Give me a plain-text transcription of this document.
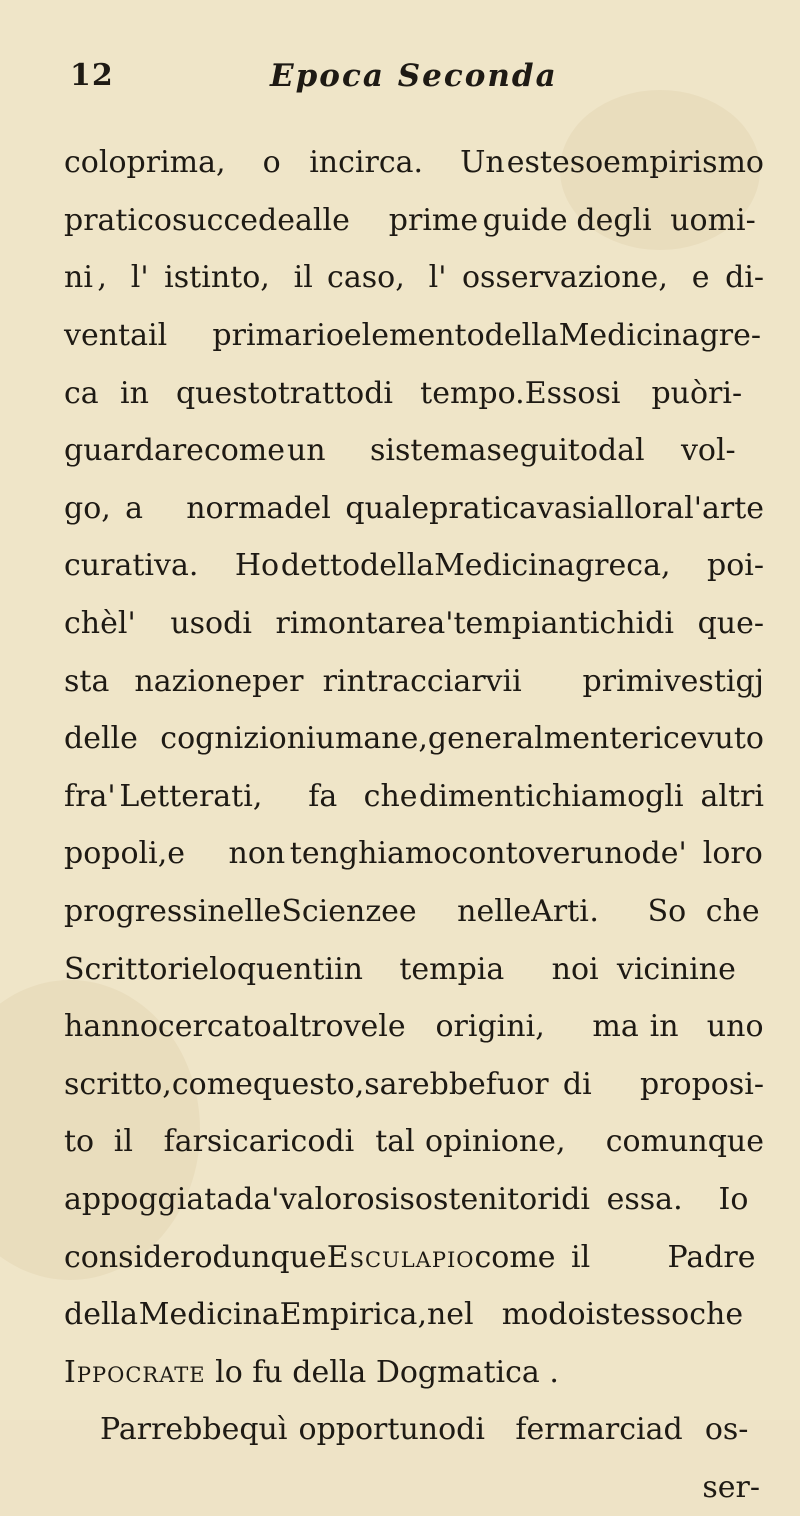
12	Epoca Seconda
colo prima ,	o incirca .	Un esteso empirismo
pratico succede alle	prime guide degli uomi-
ni , l' istinto , il caso , l' osservazione , e di-
venta il	primario elemento della Medicina gre-
ca in questo tratto di tempo. Esso si	può ri-
guardare come un	sistema seguito dal	vol-
go, a	norma del quale praticavasi allora l'arte
curativa .	Ho detto della Medicina greca ,	poi-
chè l'	uso di rimontare a'tempi antichi di que-
sta nazione per rintracciarvi i	primi vestigj
delle cognizioni umane, generalmente ricevuto
fra' Letterati ,	fa che dimentichiamo gli altri
popoli, e	non tenghiamo conto veruno de' loro
progressi nelle Scienze e	nelle Arti .	So che
Scrittori eloquenti in	tempi a	noi vicini ne
hanno cercato altrove le origini ,	ma in uno
scritto, come questo, sarebbe fuor di	proposi-
to il	farsi carico di tal opinione ,	comunque
appoggiata da' valorosi sostenitori di essa .	Io
considero dunque Esculapio come il	Padre
della Medicina Empirica, nel modo istesso che
Ippocrate lo fu della Dogmatica .
Parrebbe quì opportuno di	fermarci ad os-
ser-
